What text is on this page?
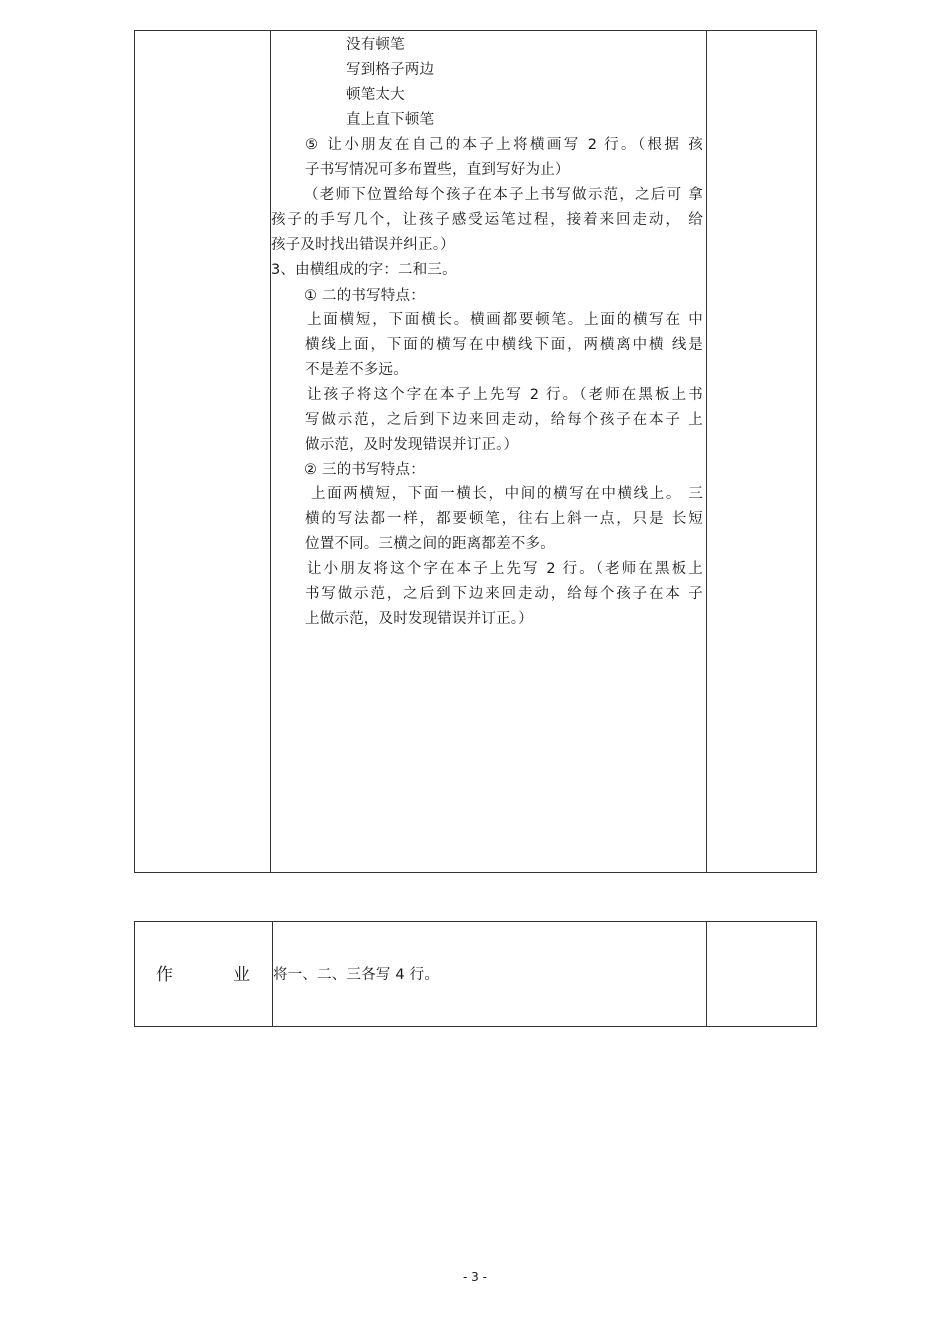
没有顿笔
写到格子两边
顿笔太大
直上直下顿笔
⑤ 让小朋友在自己的本子上将横画写 2 行。（根据 孩
子书写情况可多布置些，直到写好为止）
（老师下位置给每个孩子在本子上书写做示范，之后可 拿
孩子的手写几个，让孩子感受运笔过程，接着来回走动， 给
孩子及时找出错误并纠正。）
3、由横组成的字：二和三。
① 二的书写特点：
上面横短，下面横长。横画都要顿笔。上面的横写在 中
横线上面，下面的横写在中横线下面，两横离中横 线是
不是差不多远。
让孩子将这个字在本子上先写 2 行。（老师在黑板上书
写做示范，之后到下边来回走动，给每个孩子在本子 上
做示范，及时发现错误并订正。）
② 三的书写特点：
上面两横短，下面一横长，中间的横写在中横线上。 三
横的写法都一样，都要顿笔，往右上斜一点，只是 长短
位置不同。三横之间的距离都差不多。
让小朋友将这个字在本子上先写 2 行。（老师在黑板上
书写做示范，之后到下边来回走动，给每个孩子在本 子
上做示范，及时发现错误并订正。）
作	业 将一、二、三各写 4 行。
- 3 -
